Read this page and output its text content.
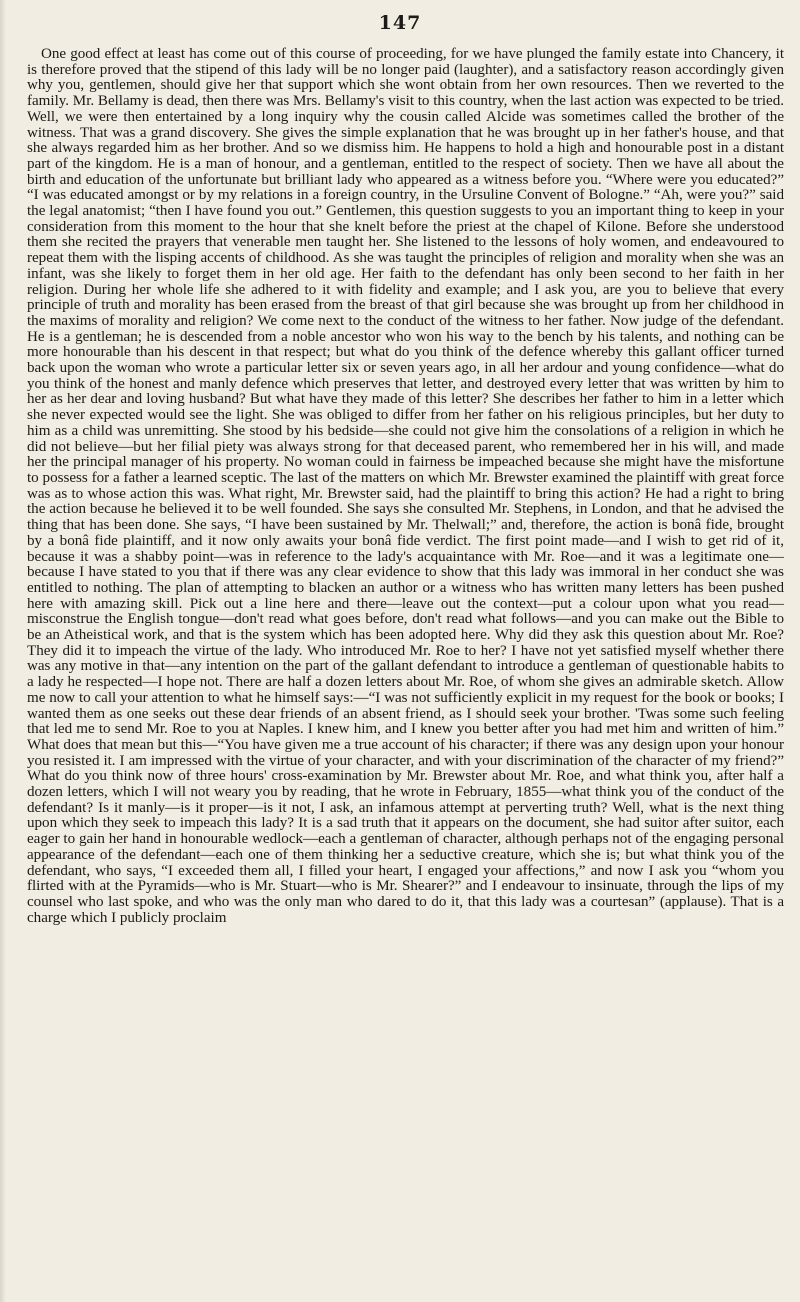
147

One good effect at least has come out of this course of proceeding, for we have plunged the family estate into Chancery, it is therefore proved that the stipend of this lady will be no longer paid (laughter), and a satisfactory reason accordingly given why you, gentlemen, should give her that support which she wont obtain from her own resources. Then we reverted to the family. Mr. Bellamy is dead, then there was Mrs. Bellamy's visit to this country, when the last action was expected to be tried. Well, we were then entertained by a long inquiry why the cousin called Alcide was sometimes called the brother of the witness. That was a grand discovery. She gives the simple explanation that he was brought up in her father's house, and that she always regarded him as her brother. And so we dismiss him. He happens to hold a high and honourable post in a distant part of the kingdom. He is a man of honour, and a gentleman, entitled to the respect of society. Then we have all about the birth and education of the unfortunate but brilliant lady who appeared as a witness before you. “Where were you educated?” “I was educated amongst or by my relations in a foreign country, in the Ursuline Convent of Bologne.” “Ah, were you?” said the legal anatomist; “then I have found you out.” Gentlemen, this question suggests to you an important thing to keep in your consideration from this moment to the hour that she knelt before the priest at the chapel of Kilone. Before she understood them she recited the prayers that venerable men taught her. She listened to the lessons of holy women, and endeavoured to repeat them with the lisping accents of childhood. As she was taught the principles of religion and morality when she was an infant, was she likely to forget them in her old age. Her faith to the defendant has only been second to her faith in her religion. During her whole life she adhered to it with fidelity and example; and I ask you, are you to believe that every principle of truth and morality has been erased from the breast of that girl because she was brought up from her childhood in the maxims of morality and religion? We come next to the conduct of the witness to her father. Now judge of the defendant. He is a gentleman; he is descended from a noble ancestor who won his way to the bench by his talents, and nothing can be more honourable than his descent in that respect; but what do you think of the defence whereby this gallant officer turned back upon the woman who wrote a particular letter six or seven years ago, in all her ardour and young confidence—what do you think of the honest and manly defence which preserves that letter, and destroyed every letter that was written by him to her as her dear and loving husband? But what have they made of this letter? She describes her father to him in a letter which she never expected would see the light. She was obliged to differ from her father on his religious principles, but her duty to him as a child was unremitting. She stood by his bedside—she could not give him the consolations of a religion in which he did not believe—but her filial piety was always strong for that deceased parent, who remembered her in his will, and made her the principal manager of his property. No woman could in fairness be impeached because she might have the misfortune to possess for a father a learned sceptic. The last of the matters on which Mr. Brewster examined the plaintiff with great force was as to whose action this was. What right, Mr. Brewster said, had the plaintiff to bring this action? He had a right to bring the action because he believed it to be well founded. She says she consulted Mr. Stephens, in London, and that he advised the thing that has been done. She says, “I have been sustained by Mr. Thelwall;” and, therefore, the action is bonâ fide, brought by a bonâ fide plaintiff, and it now only awaits your bonâ fide verdict. The first point made—and I wish to get rid of it, because it was a shabby point—was in reference to the lady's acquaintance with Mr. Roe—and it was a legitimate one—because I have stated to you that if there was any clear evidence to show that this lady was immoral in her conduct she was entitled to nothing. The plan of attempting to blacken an author or a witness who has written many letters has been pushed here with amazing skill. Pick out a line here and there—leave out the context—put a colour upon what you read—misconstrue the English tongue—don't read what goes before, don't read what follows—and you can make out the Bible to be an Atheistical work, and that is the system which has been adopted here. Why did they ask this question about Mr. Roe? They did it to impeach the virtue of the lady. Who introduced Mr. Roe to her? I have not yet satisfied myself whether there was any motive in that—any intention on the part of the gallant defendant to introduce a gentleman of questionable habits to a lady he respected—I hope not. There are half a dozen letters about Mr. Roe, of whom she gives an admirable sketch. Allow me now to call your attention to what he himself says:—“I was not sufficiently explicit in my request for the book or books; I wanted them as one seeks out these dear friends of an absent friend, as I should seek your brother. 'Twas some such feeling that led me to send Mr. Roe to you at Naples. I knew him, and I knew you better after you had met him and written of him.” What does that mean but this—“You have given me a true account of his character; if there was any design upon your honour you resisted it. I am impressed with the virtue of your character, and with your discrimination of the character of my friend?” What do you think now of three hours' cross-examination by Mr. Brewster about Mr. Roe, and what think you, after half a dozen letters, which I will not weary you by reading, that he wrote in February, 1855—what think you of the conduct of the defendant? Is it manly—is it proper—is it not, I ask, an infamous attempt at perverting truth? Well, what is the next thing upon which they seek to impeach this lady? It is a sad truth that it appears on the document, she had suitor after suitor, each eager to gain her hand in honourable wedlock—each a gentleman of character, although perhaps not of the engaging personal appearance of the defendant—each one of them thinking her a seductive creature, which she is; but what think you of the defendant, who says, “I exceeded them all, I filled your heart, I engaged your affections,” and now I ask you “whom you flirted with at the Pyramids—who is Mr. Stuart—who is Mr. Shearer?” and I endeavour to insinuate, through the lips of my counsel who last spoke, and who was the only man who dared to do it, that this lady was a courtesan” (applause). That is a charge which I publicly proclaim
